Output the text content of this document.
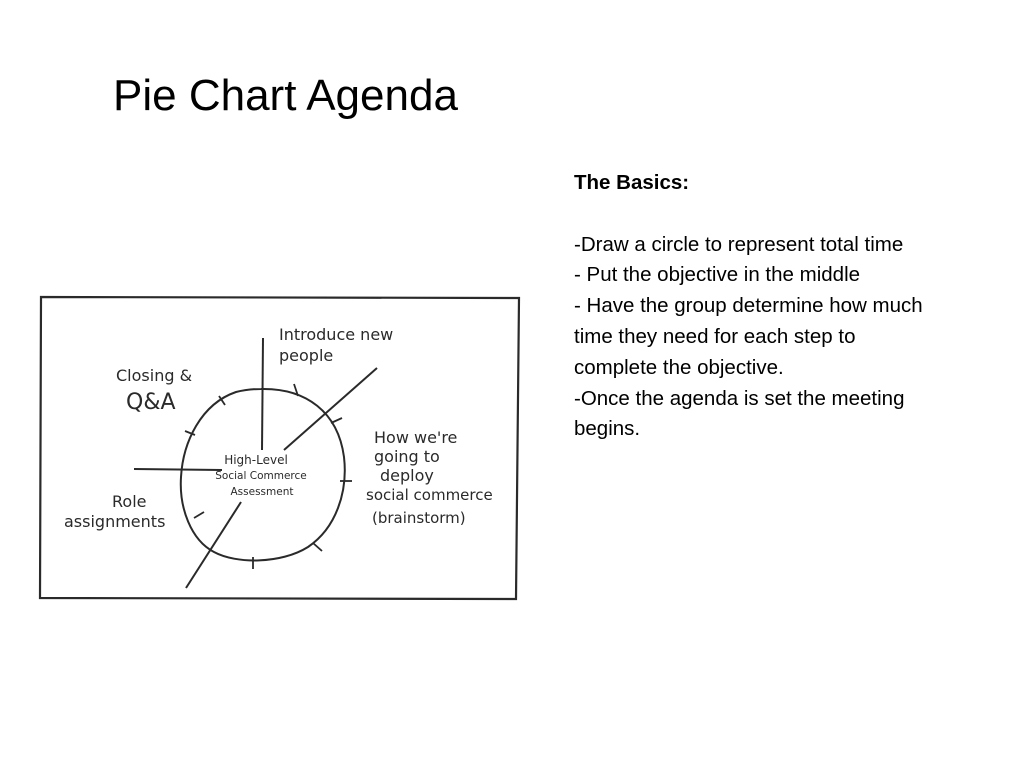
Pie Chart Agenda
High-Level
Social Commerce
Assessment
Introduce new
people
Closing &
Q&A
Role
assignments
How we're
going to
deploy
social commerce
(brainstorm)

The Basics:

-Draw a circle to represent total time

- Put the objective in the middle

- Have the group determine how much time they need for each step to complete the objective.

-Once the agenda is set the meeting begins.
